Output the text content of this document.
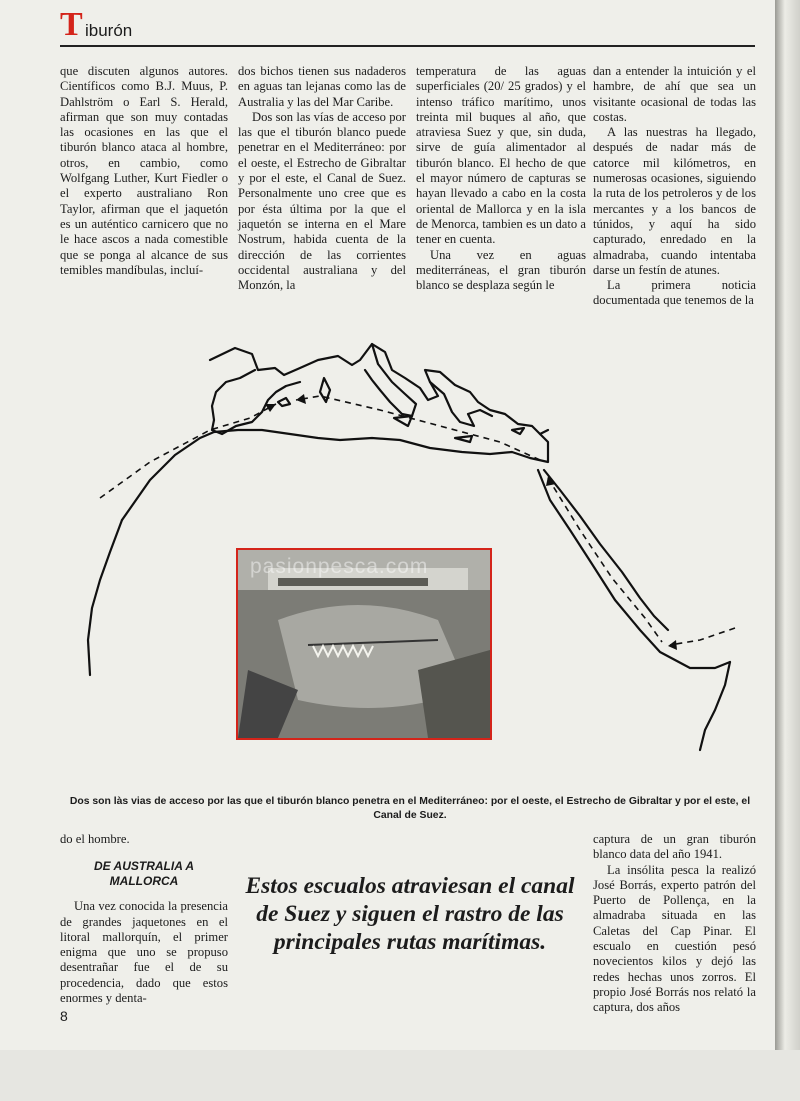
T iburón

que discuten algunos autores. Científicos como B.J. Muus, P. Dahlström o Earl S. Herald, afirman que son muy contadas las ocasiones en las que el tiburón blanco ataca al hombre, otros, en cambio, como Wolfgang Luther, Kurt Fiedler o el experto australiano Ron Taylor, afirman que el jaquetón es un auténtico carnicero que no le hace ascos a nada comestible que se ponga al alcance de sus temibles mandíbulas, incluí-

dos bichos tienen sus nadaderos en aguas tan lejanas como las de Australia y las del Mar Caribe.

Dos son las vías de acceso por las que el tiburón blanco puede penetrar en el Mediterráneo: por el oeste, el Estrecho de Gibraltar y por el este, el Canal de Suez. Personalmente uno cree que es por ésta última por la que el jaquetón se interna en el Mare Nostrum, habida cuenta de la dirección de las corrientes occidental australiana y del Monzón, la

temperatura de las aguas superficiales (20/ 25 grados) y el intenso tráfico marítimo, unos treinta mil buques al año, que atraviesa Suez y que, sin duda, sirve de guía alimentador al tiburón blanco. El hecho de que el mayor número de capturas se hayan llevado a cabo en la costa oriental de Mallorca y en la isla de Menorca, tambien es un dato a tener en cuenta.

Una vez en aguas mediterráneas, el gran tiburón blanco se desplaza según le

dan a entender la intuición y el hambre, de ahí que sea un visitante ocasional de todas las costas.

A las nuestras ha llegado, después de nadar más de catorce mil kilómetros, en numerosas ocasiones, siguiendo la ruta de los petroleros y de los mercantes y a los bancos de túnidos, y aquí ha sido capturado, enredado en la almadraba, cuando intentaba darse un festín de atunes.

La primera noticia documentada que tenemos de la

pasionpesca.com
Dos son làs vias de acceso por las que el tiburón blanco penetra en el Mediterráneo: por el oeste, el Estrecho de Gibraltar y por el este, el Canal de Suez.

do el hombre.

DE AUSTRALIA A MALLORCA

Una vez conocida la presencia de grandes jaquetones en el litoral mallorquín, el primer enigma que uno se propuso desentrañar fue el de su procedencia, dado que estos enormes y denta-

Estos escualos atraviesan el canal de Suez y siguen el rastro de las principales rutas marítimas.

captura de un gran tiburón blanco data del año 1941.

La insólita pesca la realizó José Borrás, experto patrón del Puerto de Pollença, en la almadraba situada en las Caletas del Cap Pinar. El escualo en cuestión pesó novecientos kilos y dejó las redes hechas unos zorros. El propio José Borrás nos relató la captura, dos años

8
